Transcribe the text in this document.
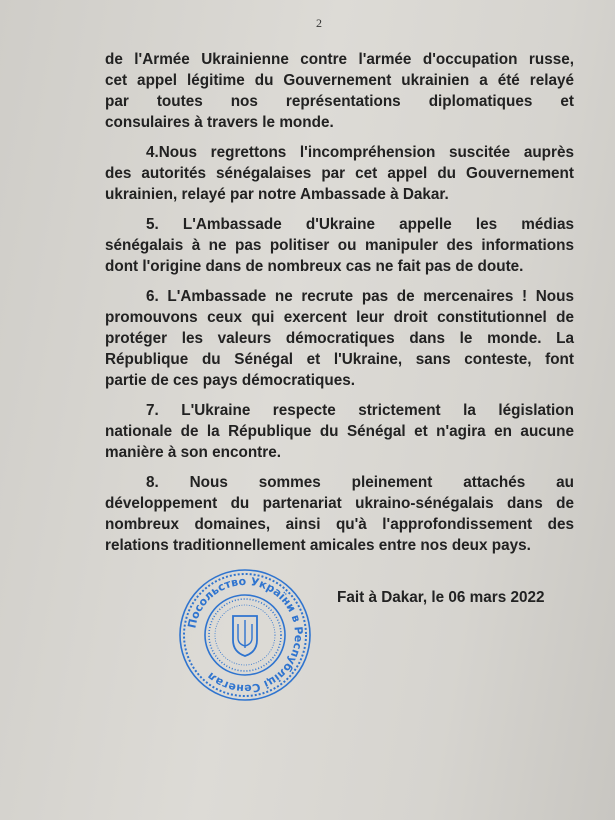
2
de l'Armée Ukrainienne contre l'armée d'occupation russe,
cet appel légitime du Gouvernement ukrainien a été relayé
par toutes nos représentations diplomatiques et
consulaires à travers le monde.
4.Nous regrettons l'incompréhension suscitée auprès
des autorités sénégalaises par cet appel du Gouvernement
ukrainien, relayé par notre Ambassade à Dakar.
5. L'Ambassade d'Ukraine appelle les médias
sénégalais à ne pas politiser ou manipuler des informations
dont l'origine dans de nombreux cas ne fait pas de doute.
6. L'Ambassade ne recrute pas de mercenaires ! Nous
promouvons ceux qui exercent leur droit constitutionnel de
protéger les valeurs démocratiques dans le monde. La
République du Sénégal et l'Ukraine, sans conteste, font
partie de ces pays démocratiques.
7. L'Ukraine respecte strictement la législation
nationale de la République du Sénégal et n'agira en aucune
manière à son encontre.
8. Nous sommes pleinement attachés au
développement du partenariat ukraino-sénégalais dans de
nombreux domaines, ainsi qu'à l'approfondissement des
relations traditionnellement amicales entre nos deux pays.
Fait à Dakar, le 06 mars 2022
Посольство України в Республіці Сенегал
